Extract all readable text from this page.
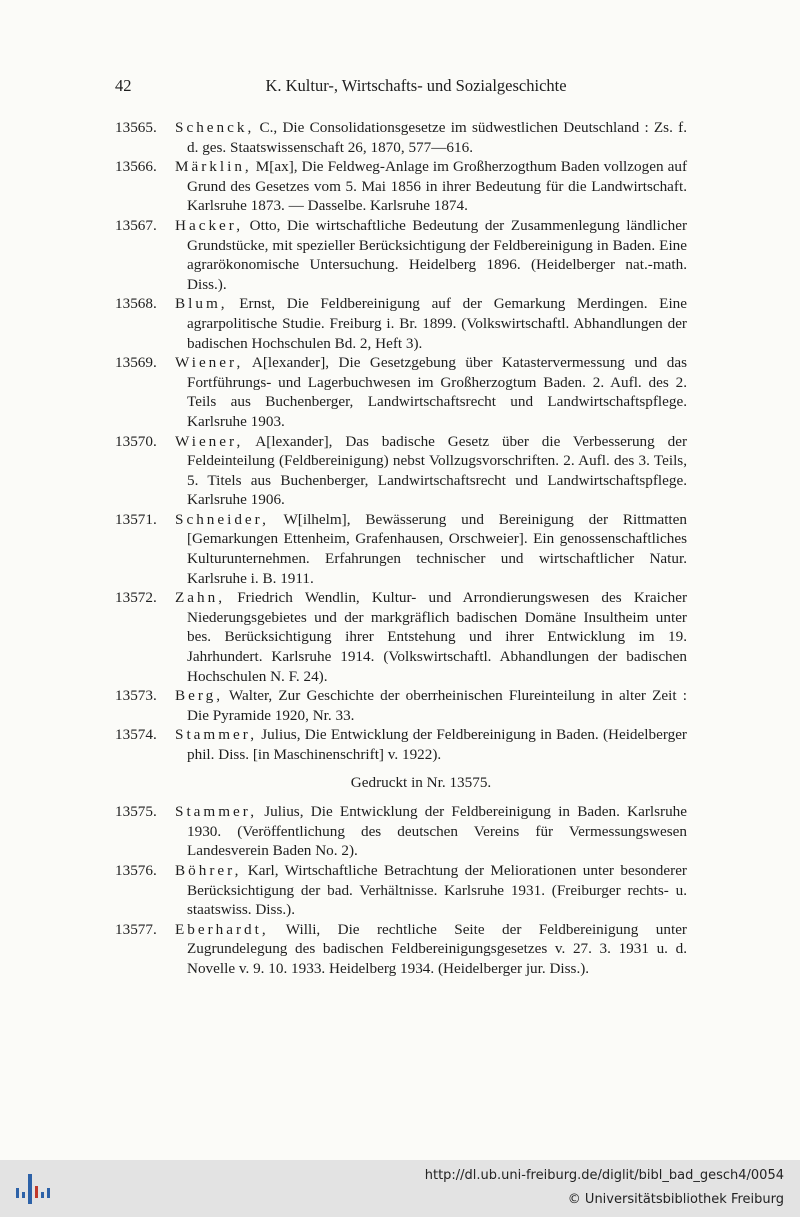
42	K. Kultur-, Wirtschafts- und Sozialgeschichte
13565. Schenck, C., Die Consolidationsgesetze im südwestlichen Deutschland : Zs. f. d. ges. Staatswissenschaft 26, 1870, 577—616.
13566. Märklin, M[ax], Die Feldweg-Anlage im Großherzogthum Baden vollzogen auf Grund des Gesetzes vom 5. Mai 1856 in ihrer Bedeutung für die Landwirtschaft. Karlsruhe 1873. — Dasselbe. Karlsruhe 1874.
13567. Hacker, Otto, Die wirtschaftliche Bedeutung der Zusammenlegung ländlicher Grundstücke, mit spezieller Berücksichtigung der Feldbereinigung in Baden. Eine agrarökonomische Untersuchung. Heidelberg 1896. (Heidelberger nat.-math. Diss.).
13568. Blum, Ernst, Die Feldbereinigung auf der Gemarkung Merdingen. Eine agrarpolitische Studie. Freiburg i. Br. 1899. (Volkswirtschaftl. Abhandlungen der badischen Hochschulen Bd. 2, Heft 3).
13569. Wiener, A[lexander], Die Gesetzgebung über Katastervermessung und das Fortführungs- und Lagerbuchwesen im Großherzogtum Baden. 2. Aufl. des 2. Teils aus Buchenberger, Landwirtschaftsrecht und Landwirtschaftspflege. Karlsruhe 1903.
13570. Wiener, A[lexander], Das badische Gesetz über die Verbesserung der Feldeinteilung (Feldbereinigung) nebst Vollzugsvorschriften. 2. Aufl. des 3. Teils, 5. Titels aus Buchenberger, Landwirtschaftsrecht und Landwirtschaftspflege. Karlsruhe 1906.
13571. Schneider, W[ilhelm], Bewässerung und Bereinigung der Rittmatten [Gemarkungen Ettenheim, Grafenhausen, Orschweier]. Ein genossenschaftliches Kulturunternehmen. Erfahrungen technischer und wirtschaftlicher Natur. Karlsruhe i. B. 1911.
13572. Zahn, Friedrich Wendlin, Kultur- und Arrondierungswesen des Kraicher Niederungsgebietes und der markgräflich badischen Domäne Insultheim unter bes. Berücksichtigung ihrer Entstehung und ihrer Entwicklung im 19. Jahrhundert. Karlsruhe 1914. (Volkswirtschaftl. Abhandlungen der badischen Hochschulen N. F. 24).
13573. Berg, Walter, Zur Geschichte der oberrheinischen Flureinteilung in alter Zeit : Die Pyramide 1920, Nr. 33.
13574. Stammer, Julius, Die Entwicklung der Feldbereinigung in Baden. (Heidelberger phil. Diss. [in Maschinenschrift] v. 1922).
Gedruckt in Nr. 13575.
13575. Stammer, Julius, Die Entwicklung der Feldbereinigung in Baden. Karlsruhe 1930. (Veröffentlichung des deutschen Vereins für Vermessungswesen Landesverein Baden No. 2).
13576. Böhrer, Karl, Wirtschaftliche Betrachtung der Meliorationen unter besonderer Berücksichtigung der bad. Verhältnisse. Karlsruhe 1931. (Freiburger rechts- u. staatswiss. Diss.).
13577. Eberhardt, Willi, Die rechtliche Seite der Feldbereinigung unter Zugrundelegung des badischen Feldbereinigungsgesetzes v. 27. 3. 1931 u. d. Novelle v. 9. 10. 1933. Heidelberg 1934. (Heidelberger jur. Diss.).
http://dl.ub.uni-freiburg.de/diglit/bibl_bad_gesch4/0054
© Universitätsbibliothek Freiburg
